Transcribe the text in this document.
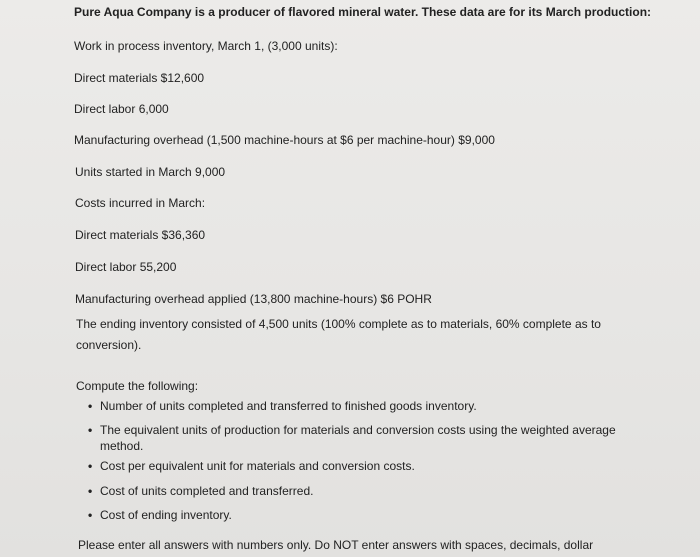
Pure Aqua Company is a producer of flavored mineral water. These data are for its March production:

Work in process inventory, March 1, (3,000 units):

Direct materials $12,600

Direct labor 6,000

Manufacturing overhead (1,500 machine-hours at $6 per machine-hour) $9,000

Units started in March 9,000

Costs incurred in March:

Direct materials $36,360

Direct labor 55,200

Manufacturing overhead applied (13,800 machine-hours) $6 POHR

The ending inventory consisted of 4,500 units (100% complete as to materials, 60% complete as to conversion).

Compute the following:

• Number of units completed and transferred to finished goods inventory.
• The equivalent units of production for materials and conversion costs using the weighted average method.
• Cost per equivalent unit for materials and conversion costs.
• Cost of units completed and transferred.
• Cost of ending inventory.

Please enter all answers with numbers only. Do NOT enter answers with spaces, decimals, dollar
